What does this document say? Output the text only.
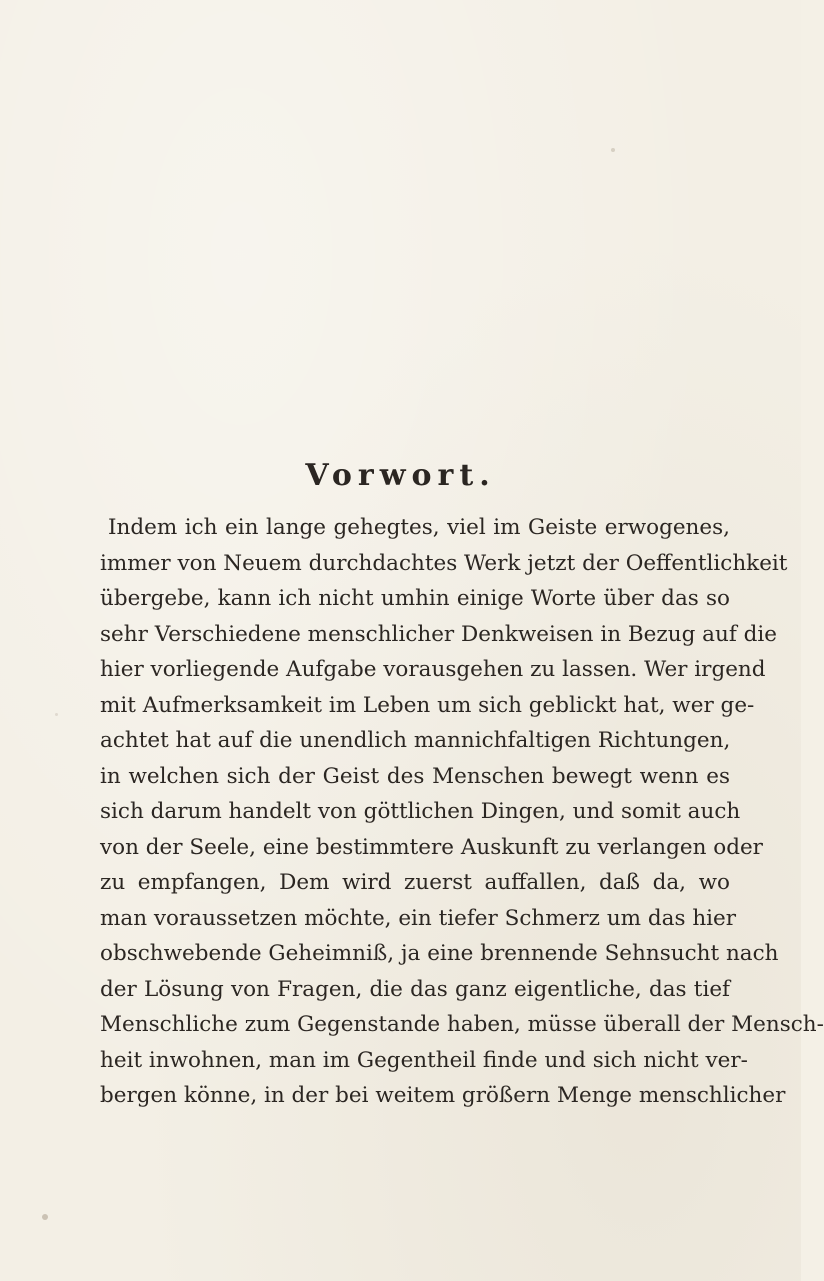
Vorwort.
Indem ich ein lange gehegtes, viel im Geiste erwogenes,
immer von Neuem durchdachtes Werk jetzt der Oeffentlichkeit
übergebe, kann ich nicht umhin einige Worte über das so
sehr Verschiedene menschlicher Denkweisen in Bezug auf die
hier vorliegende Aufgabe vorausgehen zu lassen. Wer irgend
mit Aufmerksamkeit im Leben um sich geblickt hat, wer ge-
achtet hat auf die unendlich mannichfaltigen Richtungen,
in welchen sich der Geist des Menschen bewegt wenn es
sich darum handelt von göttlichen Dingen, und somit auch
von der Seele, eine bestimmtere Auskunft zu verlangen oder
zu empfangen, Dem wird zuerst auffallen, daß da, wo
man voraussetzen möchte, ein tiefer Schmerz um das hier
obschwebende Geheimniß, ja eine brennende Sehnsucht nach
der Lösung von Fragen, die das ganz eigentliche, das tief
Menschliche zum Gegenstande haben, müsse überall der Mensch-
heit inwohnen, man im Gegentheil finde und sich nicht ver-
bergen könne, in der bei weitem größern Menge menschlicher
